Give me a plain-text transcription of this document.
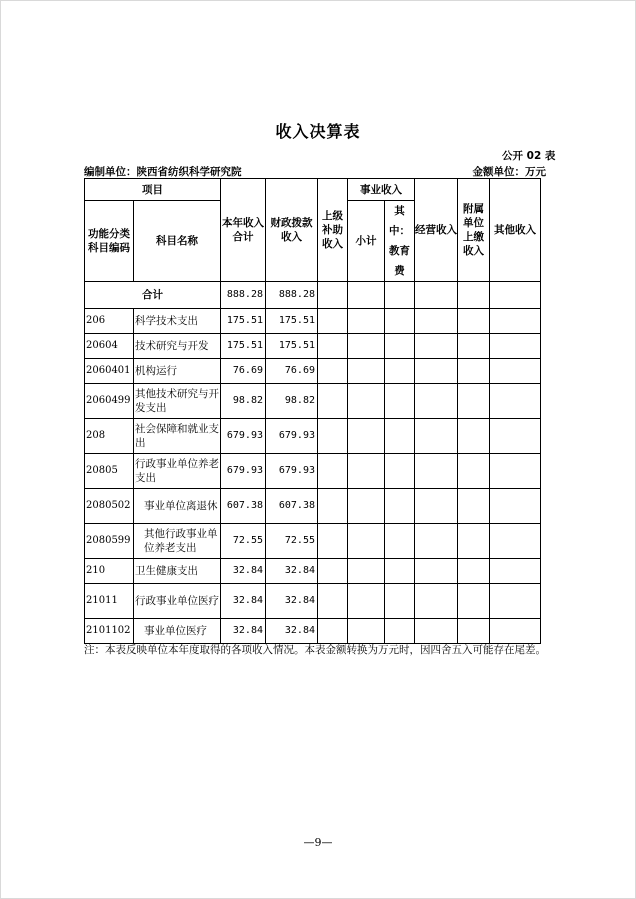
收入决算表
公开 02 表
编制单位：陕西省纺织科学研究院	金额单位：万元
项目		本年收入合计	财政拨款收入	上级补助收入	事业收入		经营收入	附属单位上缴收入	其他收入
功能分类科目编码	科目名称				小计	其中：教育费			

合计		888.28	888.28						
206	科学技术支出	175.51	175.51						
20604	技术研究与开发	175.51	175.51						
2060401	机构运行	76.69	76.69						
2060499	其他技术研究与开发支出	98.82	98.82						
208	社会保障和就业支出	679.93	679.93						
20805	行政事业单位养老支出	679.93	679.93						
2080502	事业单位离退休	607.38	607.38						
2080599	其他行政事业单位养老支出	72.55	72.55						
210	卫生健康支出	32.84	32.84						
21011	行政事业单位医疗	32.84	32.84						
2101102	事业单位医疗	32.84	32.84						
注：本表反映单位本年度取得的各项收入情况。本表金额转换为万元时，因四舍五入可能存在尾差。
—9—
